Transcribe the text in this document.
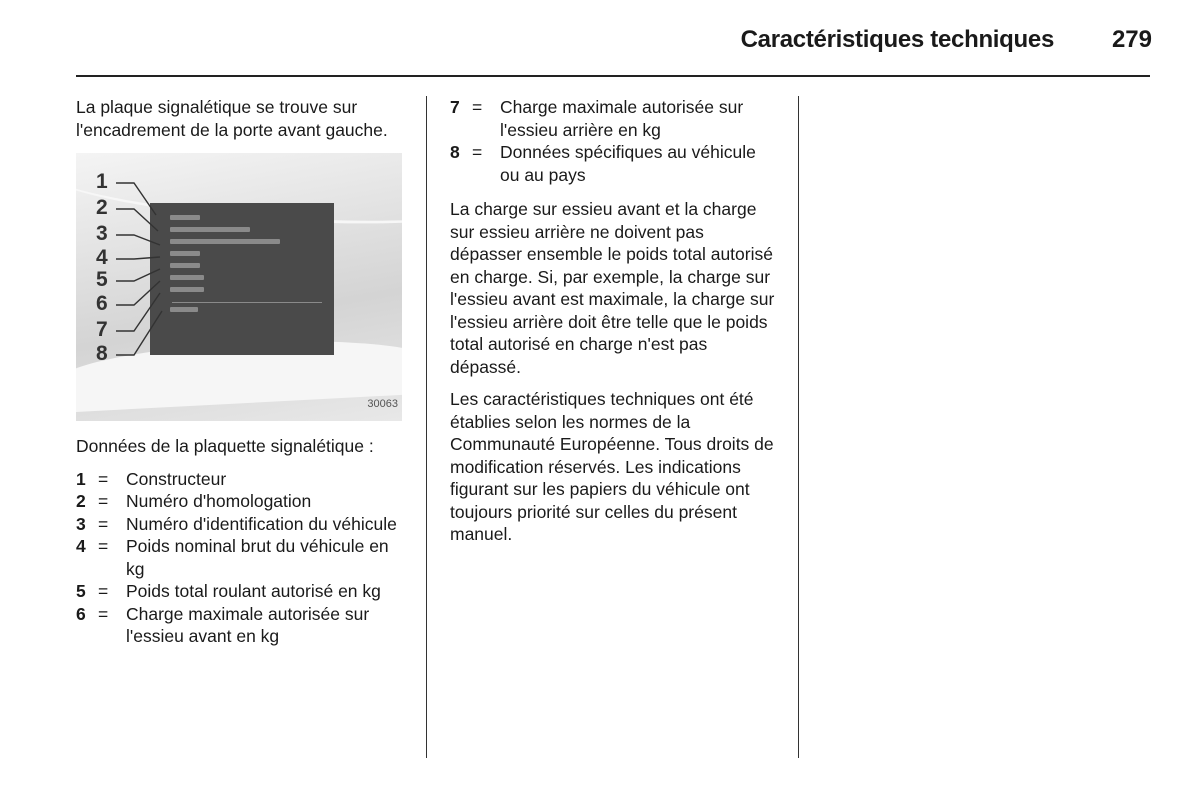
Caractéristiques techniques 279

La plaque signalétique se trouve sur l'encadrement de la porte avant gauche.

1
2
3
4
5
6
7
8
30063

Données de la plaquette signalétique :

1 =	Constructeur
2 =	Numéro d'homologation
3 =	Numéro d'identification du véhicule
4 =	Poids nominal brut du véhicule en kg
5 =	Poids total roulant autorisé en kg
6 =	Charge maximale autorisée sur l'essieu avant en kg
7 =	Charge maximale autorisée sur l'essieu arrière en kg
8 =	Données spécifiques au véhicule ou au pays

La charge sur essieu avant et la charge sur essieu arrière ne doivent pas dépasser ensemble le poids total autorisé en charge. Si, par exemple, la charge sur l'essieu avant est maximale, la charge sur l'essieu arrière doit être telle que le poids total autorisé en charge n'est pas dépassé.

Les caractéristiques techniques ont été établies selon les normes de la Communauté Européenne. Tous droits de modification réservés. Les indications figurant sur les papiers du véhicule ont toujours priorité sur celles du présent manuel.
